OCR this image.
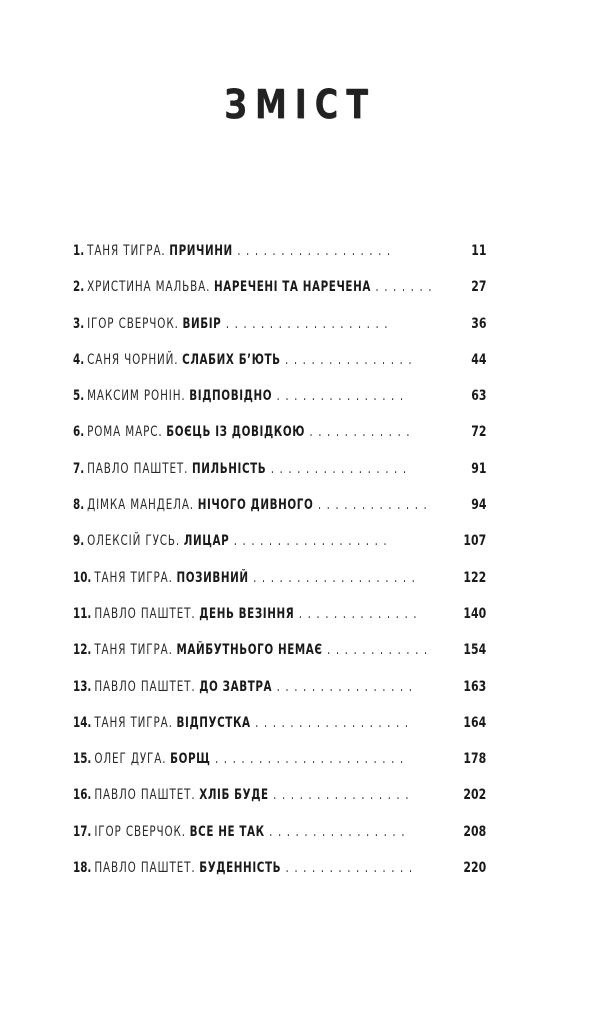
ЗМІСТ
1. ТАНЯ ТИГРА. ПРИЧИНИ . . . . . . . . . . . . . . . . . .	11
2. ХРИСТИНА МАЛЬВА. НАРЕЧЕНІ ТА НАРЕЧЕНА . . . . . . .	27
3. ІГОР СВЕРЧОК. ВИБІР . . . . . . . . . . . . . . . . . . .	36
4. САНЯ ЧОРНИЙ. СЛАБИХ Б’ЮТЬ . . . . . . . . . . . . . . .	44
5. МАКСИМ РОНІН. ВІДПОВІДНО . . . . . . . . . . . . . . .	63
6. РОМА МАРС. БОЄЦЬ ІЗ ДОВІДКОЮ . . . . . . . . . . . .	72
7. ПАВЛО ПАШТЕТ. ПИЛЬНІСТЬ . . . . . . . . . . . . . . . .	91
8. ДІМКА МАНДЕЛА. НІЧОГО ДИВНОГО . . . . . . . . . . . . .	94
9. ОЛЕКСІЙ ГУСЬ. ЛИЦАР . . . . . . . . . . . . . . . . . .	107
10. ТАНЯ ТИГРА. ПОЗИВНИЙ . . . . . . . . . . . . . . . . . . .	122
11. ПАВЛО ПАШТЕТ. ДЕНЬ ВЕЗІННЯ . . . . . . . . . . . . . .	140
12. ТАНЯ ТИГРА. МАЙБУТНЬОГО НЕМАЄ . . . . . . . . . . . . 154
13. ПАВЛО ПАШТЕТ. ДО ЗАВТРА . . . . . . . . . . . . . . . .	163
14. ТАНЯ ТИГРА. ВІДПУСТКА . . . . . . . . . . . . . . . . . .	164
15. ОЛЕГ ДУГА. БОРЩ . . . . . . . . . . . . . . . . . . . . . .	178
16. ПАВЛО ПАШТЕТ. ХЛІБ БУДЕ . . . . . . . . . . . . . . . .	202
17. ІГОР СВЕРЧОК. ВСЕ НЕ ТАК . . . . . . . . . . . . . . . .	208
18. ПАВЛО ПАШТЕТ. БУДЕННІСТЬ . . . . . . . . . . . . . . .	220
